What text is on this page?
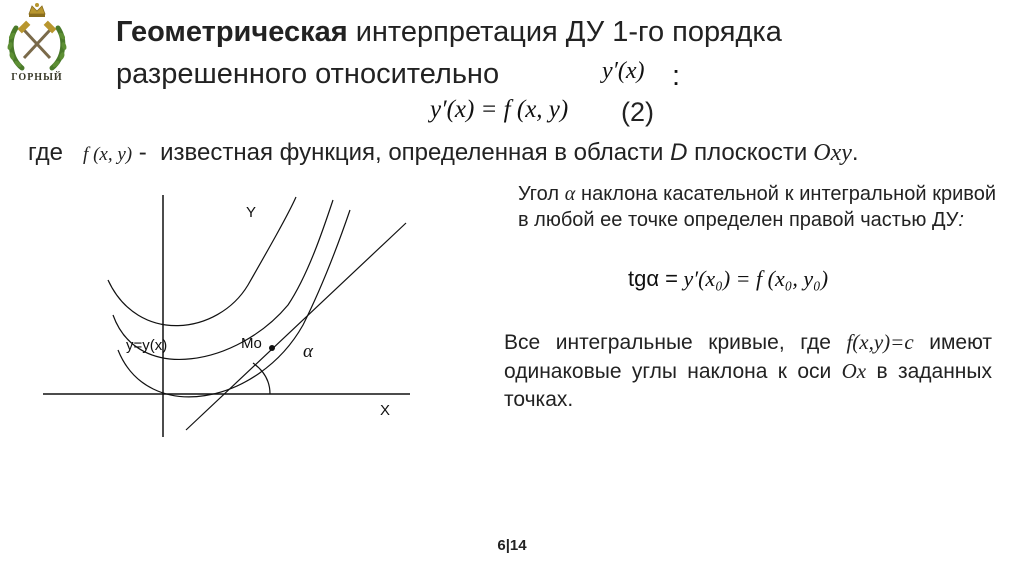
ГОРНЫЙ
Геометрическая интерпретация ДУ 1-го порядка
разрешенного относительно	y′(x) :
y′(x) = f (x, y) (2)
где f (x, y) -  известная функция, определенная в области D плоскости Oxy.
Угол α наклона касательной к интегральной кривой в любой ее точке определен правой частью ДУ:
tgα = y′(x₀) = f (x₀, y₀)
Все интегральные кривые, где f(x,y)=c имеют одинаковые углы наклона к оси Ox в заданных точках.
Y
X
y=y(x)	Mo α
6|14
